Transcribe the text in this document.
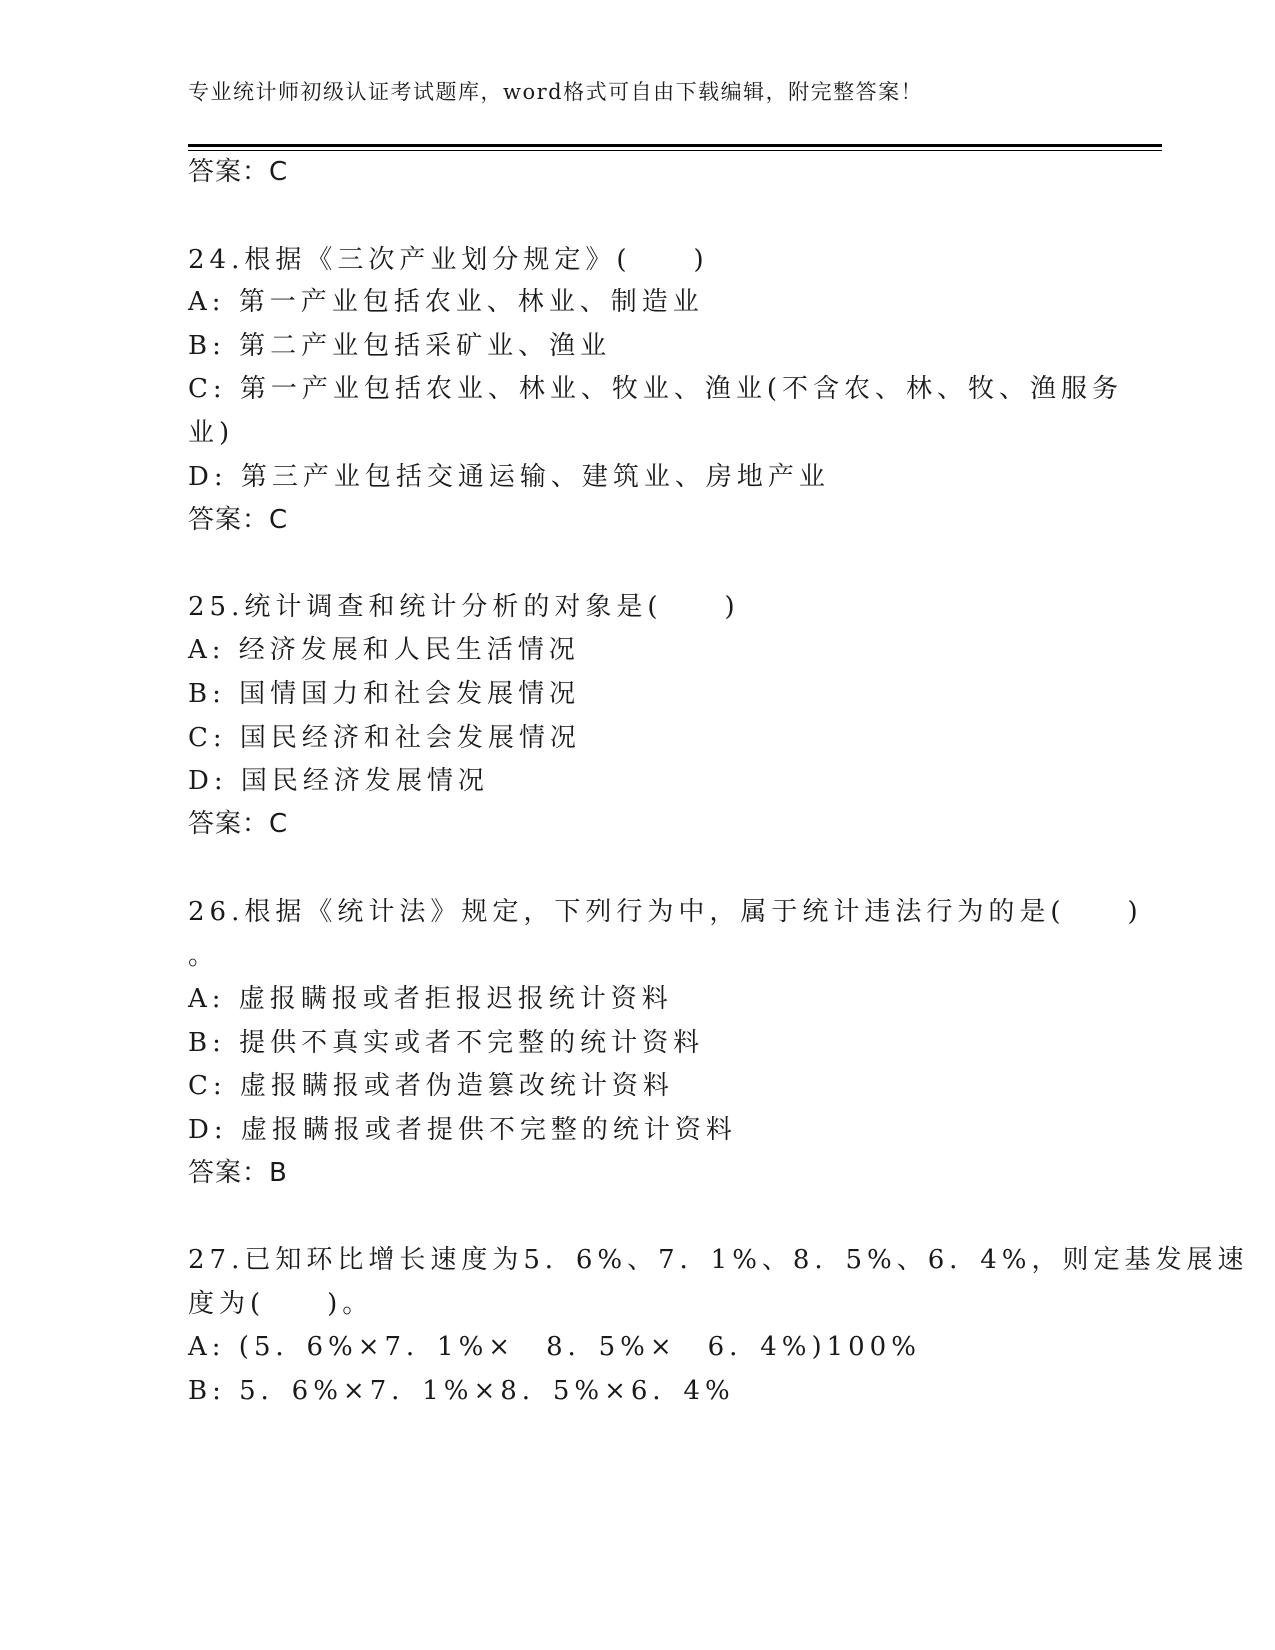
专业统计师初级认证考试题库，word格式可自由下载编辑，附完整答案！
答案：C
24.根据《三次产业划分规定》(　　)
A: 第一产业包括农业、林业、制造业
B: 第二产业包括采矿业、渔业
C: 第一产业包括农业、林业、牧业、渔业(不含农、林、牧、渔服务
业)
D: 第三产业包括交通运输、建筑业、房地产业
答案：C
25.统计调查和统计分析的对象是(　　)
A: 经济发展和人民生活情况
B: 国情国力和社会发展情况
C: 国民经济和社会发展情况
D: 国民经济发展情况
答案：C
26.根据《统计法》规定，下列行为中，属于统计违法行为的是(　　)
。
A: 虚报瞒报或者拒报迟报统计资料
B: 提供不真实或者不完整的统计资料
C: 虚报瞒报或者伪造篡改统计资料
D: 虚报瞒报或者提供不完整的统计资料
答案：B
27.已知环比增长速度为5．6%、7．1%、8．5%、6．4%，则定基发展速
度为(　　)。
A: (5．6%×7．1%×　8．5%×　6．4%)100%
B: 5．6%×7．1%×8．5%×6．4%
